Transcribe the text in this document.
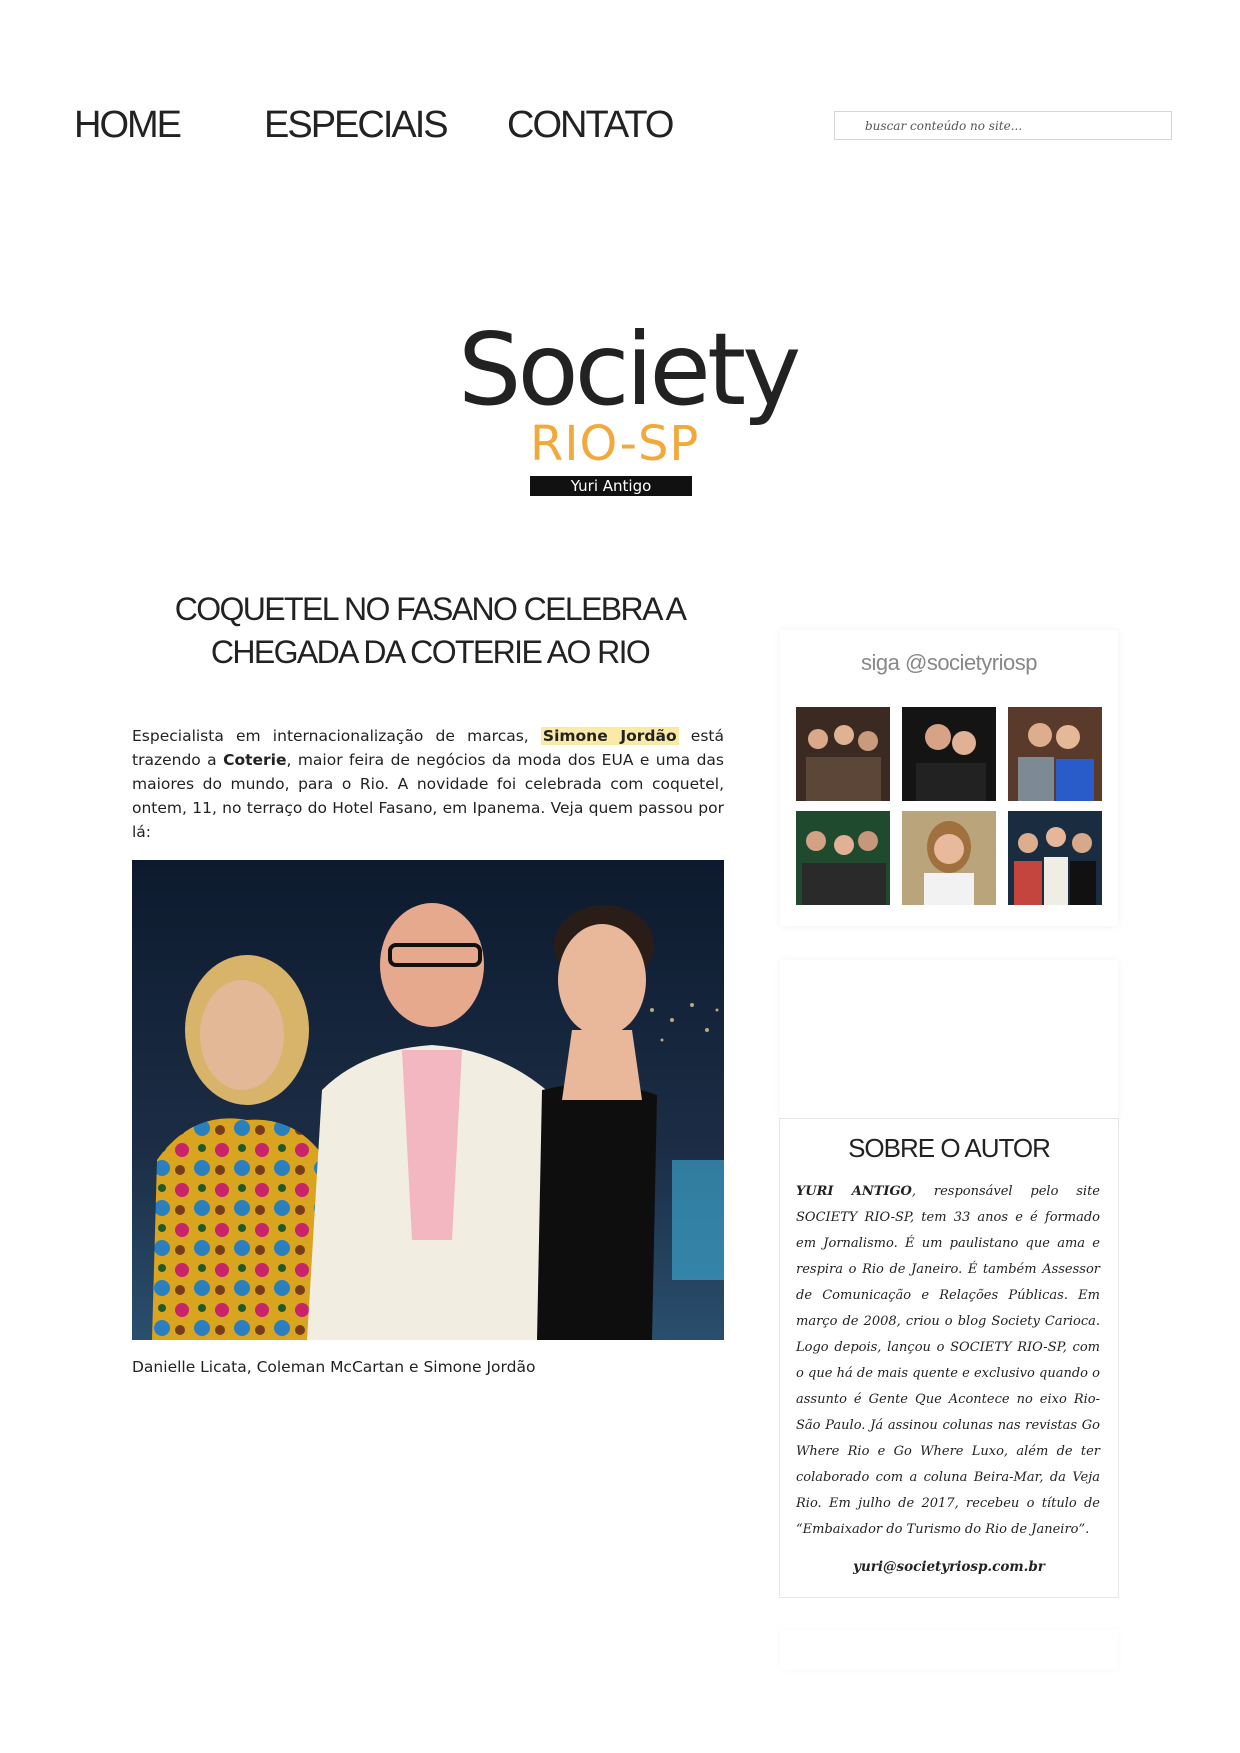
HOME ESPECIAIS CONTATO
buscar conteúdo no site...
Society
RIO-SP
Yuri Antigo
COQUETEL NO FASANO CELEBRA A CHEGADA DA COTERIE AO RIO

Especialista em internacionalização de marcas, Simone Jordão está trazendo a Coterie, maior feira de negócios da moda dos EUA e uma das maiores do mundo, para o Rio. A novidade foi celebrada com coquetel, ontem, 11, no terraço do Hotel Fasano, em Ipanema. Veja quem passou por lá:

Danielle Licata, Coleman McCartan e Simone Jordão
siga @societyriosp
SOBRE O AUTOR

YURI ANTIGO, responsável pelo site SOCIETY RIO-SP, tem 33 anos e é formado em Jornalismo. É um paulistano que ama e respira o Rio de Janeiro. É também Assessor de Comunicação e Relações Públicas. Em março de 2008, criou o blog Society Carioca. Logo depois, lançou o SOCIETY RIO-SP, com o que há de mais quente e exclusivo quando o assunto é Gente Que Acontece no eixo Rio-São Paulo. Já assinou colunas nas revistas Go Where Rio e Go Where Luxo, além de ter colaborado com a coluna Beira-Mar, da Veja Rio. Em julho de 2017, recebeu o título de “Embaixador do Turismo do Rio de Janeiro”.

yuri@societyriosp.com.br
